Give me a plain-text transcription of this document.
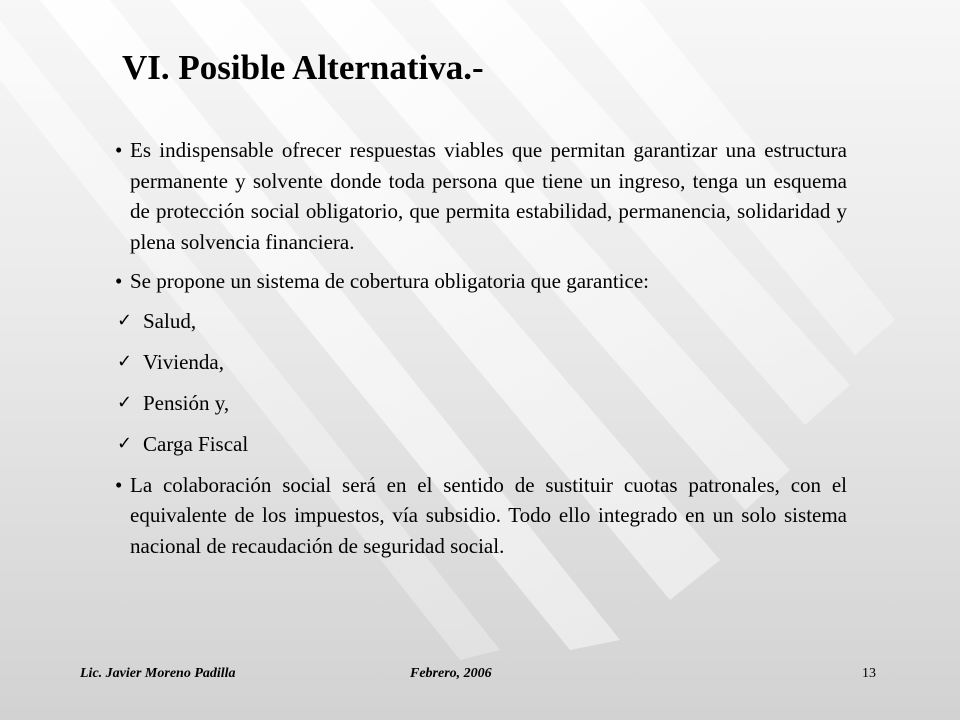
VI. Posible Alternativa.-
• Es indispensable ofrecer respuestas viables que permitan garantizar una estructura permanente y solvente donde toda persona que tiene un ingreso, tenga un esquema de protección social obligatorio, que permita estabilidad, permanencia, solidaridad y plena solvencia financiera.
• Se propone un sistema de cobertura obligatoria que garantice:
✓ Salud,
✓ Vivienda,
✓ Pensión y,
✓ Carga Fiscal
• La colaboración social será en el sentido de sustituir cuotas patronales, con el equivalente de los impuestos, vía subsidio. Todo ello integrado en un solo sistema nacional de recaudación de seguridad social.
Lic. Javier Moreno Padilla	Febrero, 2006	13
